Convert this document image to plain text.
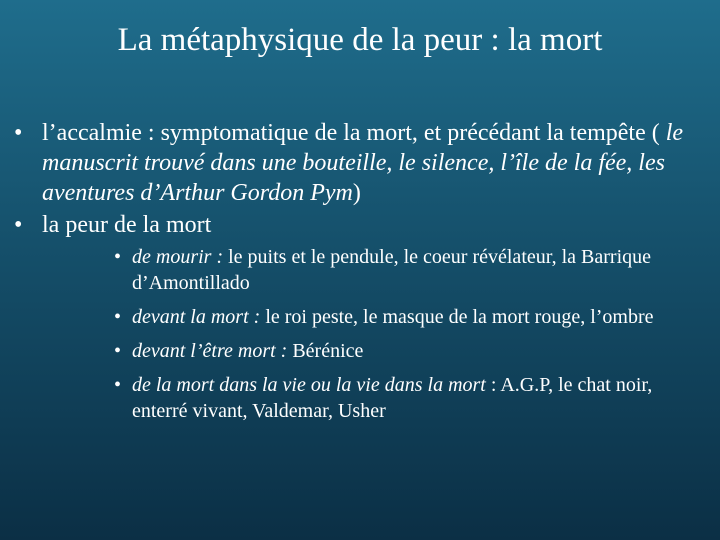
La métaphysique de la peur : la mort
• l’accalmie : symptomatique de la mort, et précédant la tempête ( le manuscrit trouvé dans une bouteille, le silence, l’île de la fée, les aventures d’Arthur Gordon Pym)
• la peur de la mort
• de mourir : le puits et le pendule, le coeur révélateur, la Barrique d’Amontillado
• devant la mort : le roi peste, le masque de la mort rouge, l’ombre
• devant l’être mort : Bérénice
• de la mort dans la vie ou la vie dans la mort : A.G.P, le chat noir, enterré vivant, Valdemar, Usher
